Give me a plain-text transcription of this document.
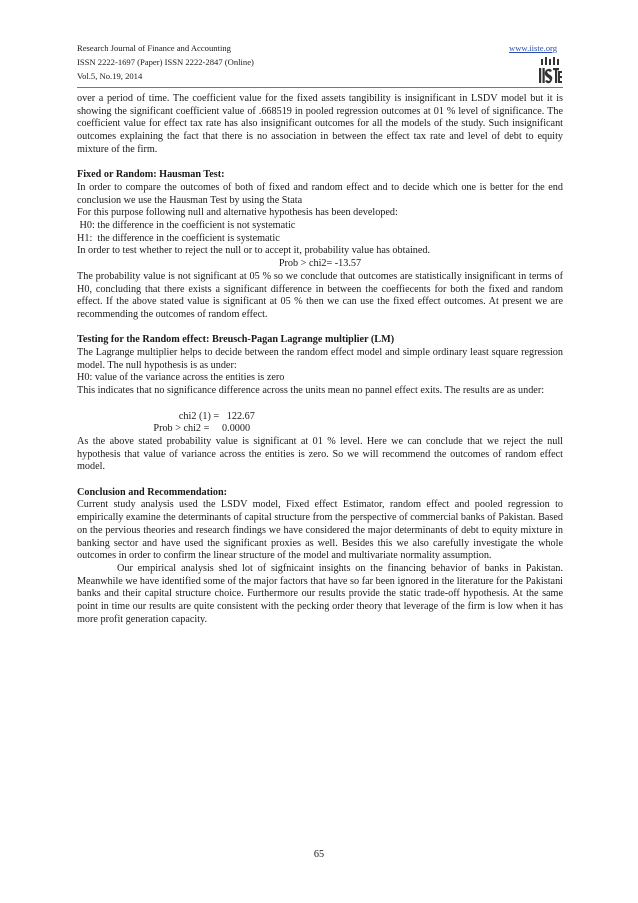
Research Journal of Finance and Accounting
ISSN 2222-1697 (Paper) ISSN 2222-2847 (Online)
Vol.5, No.19, 2014
www.iiste.org

over a period of time. The coefficient value for the fixed assets tangibility is insignificant in LSDV model but it is showing the significant coefficient value of .668519 in pooled regression outcomes at 01 % level of significance. The coefficient value for effect tax rate has also insignificant outcomes for all the models of the study. Such insignificant outcomes explaining the fact that there is no association in between the effect tax rate and level of debt to equity mixture of the firm.

Fixed or Random: Hausman Test:

In order to compare the outcomes of both of fixed and random effect and to decide which one is better for the end conclusion we use the Hausman Test by using the Stata

For this purpose following null and alternative hypothesis has been developed:

H0: the difference in the coefficient is not systematic

H1:  the difference in the coefficient is systematic

In order to test whether to reject the null or to accept it, probability value has obtained.

Prob > chi2= -13.57

The probability value is not significant at 05 % so we conclude that outcomes are statistically insignificant in terms of H0, concluding that there exists a significant difference in between the coeffiecents for both the fixed and random effect. If the above stated value is significant at 05 % then we can use the fixed effect outcomes. At present we are recommending the outcomes of random effect.

Testing for the Random effect: Breusch-Pagan Lagrange multiplier (LM)

The Lagrange multiplier helps to decide between the random effect model and simple ordinary least square regression model. The null hypothesis is as under:

H0: value of the variance across the entities is zero

This indicates that no significance difference across the units mean no pannel effect exits. The results are as under:

chi2 (1) =   122.67

Prob > chi2 =     0.0000

As the above stated probability value is significant at 01 % level. Here we can conclude that we reject the null hypothesis that value of variance across the entities is zero. So we will recommend the outcomes of random effect model.

Conclusion and Recommendation:

Current study analysis used the LSDV model, Fixed effect Estimator, random effect and pooled regression to empirically examine the determinants of capital structure from the perspective of commercial banks of Pakistan. Based on the pervious theories and research findings we have considered the major determinants of debt to equity mixture in banking sector and have used the significant proxies as well. Besides this we also carefully investigate the whole outcomes in order to confirm the linear structure of the model and multivariate normality assumption.

Our empirical analysis shed lot of sigfnicaint insights on the financing behavior of banks in Pakistan. Meanwhile we have identified some of the major factors that have so far been ignored in the literature for the Pakistani banks and their capital structure choice. Furthermore our results provide the static trade-off hypothesis. At the same point in time our results are quite consistent with the pecking order theory that leverage of the firm is low when it has more profit generation capacity.

65
